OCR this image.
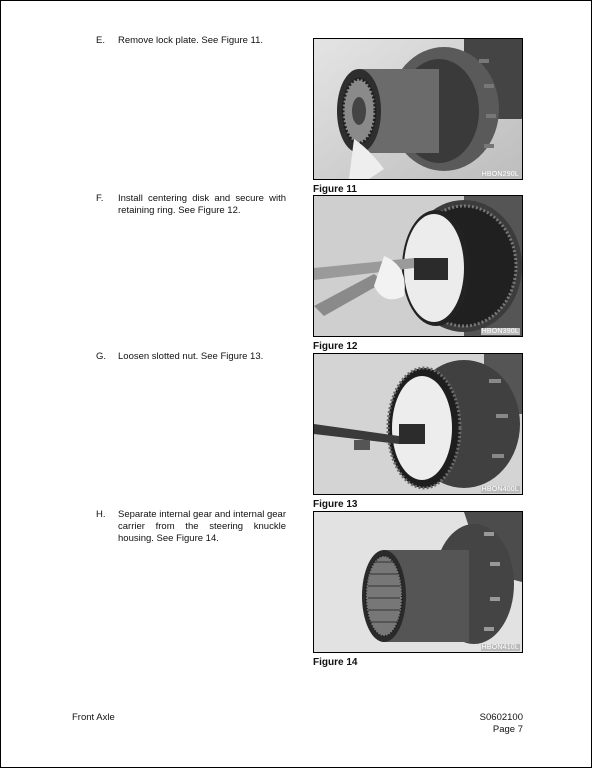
E. Remove lock plate. See Figure 11.
F. Install centering disk and secure with retaining ring. See Figure 12.
G. Loosen slotted nut. See Figure 13.
H. Separate internal gear and internal gear carrier from the steering knuckle housing. See Figure 14.
HBON290L
Figure 11
HBON390L
Figure 12
HBON400L
Figure 13
HBON410L
Figure 14
Front Axle	S0602100
Page 7
